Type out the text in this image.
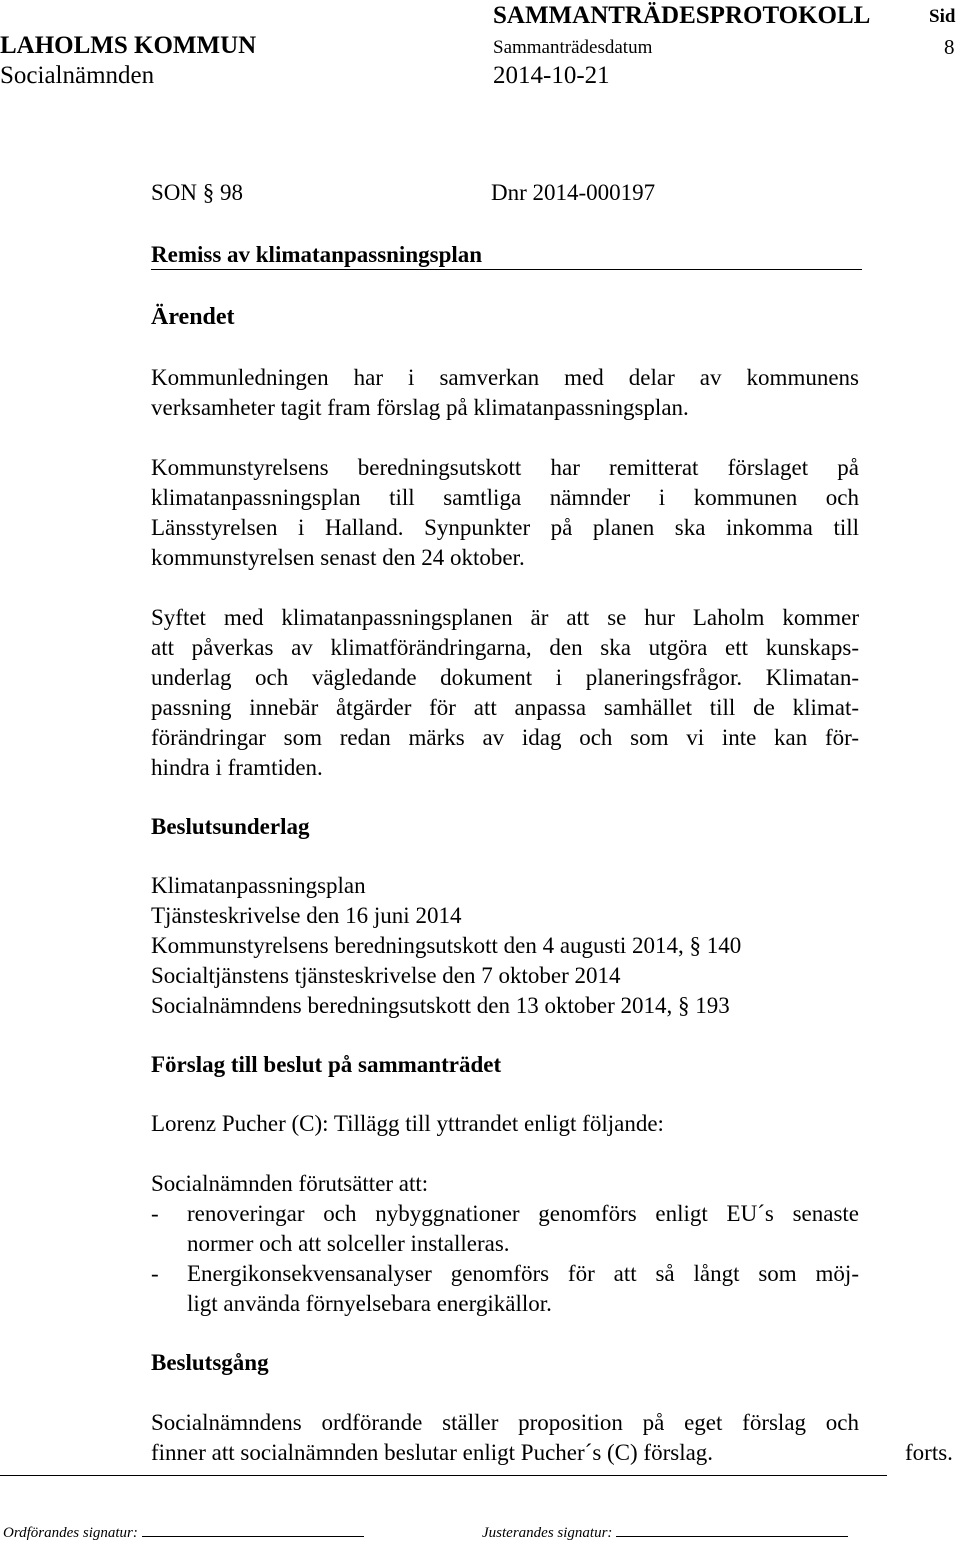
SAMMANTRÄDESPROTOKOLL	Sid
LAHOLMS KOMMUN	Sammanträdesdatum	8
Socialnämnden	2014-10-21
SON § 98	Dnr 2014-000197
Remiss av klimatanpassningsplan
Ärendet
Kommunledningen har i samverkan med delar av kommunens
verksamheter tagit fram förslag på klimatanpassningsplan.
Kommunstyrelsens beredningsutskott har remitterat förslaget på
klimatanpassningsplan till samtliga nämnder i kommunen och
Länsstyrelsen i Halland. Synpunkter på planen ska inkomma till
kommunstyrelsen senast den 24 oktober.
Syftet med klimatanpassningsplanen är att se hur Laholm kommer
att påverkas av klimatförändringarna, den ska utgöra ett kunskaps-
underlag och vägledande dokument i planeringsfrågor. Klimatan-
passning innebär åtgärder för att anpassa samhället till de klimat-
förändringar som redan märks av idag och som vi inte kan för-
hindra i framtiden.
Beslutsunderlag
Klimatanpassningsplan
Tjänsteskrivelse den 16 juni 2014
Kommunstyrelsens beredningsutskott den 4 augusti 2014, § 140
Socialtjänstens tjänsteskrivelse den 7 oktober 2014
Socialnämndens beredningsutskott den 13 oktober 2014, § 193
Förslag till beslut på sammanträdet
Lorenz Pucher (C): Tillägg till yttrandet enligt följande:
Socialnämnden förutsätter att:
- renoveringar och nybyggnationer genomförs enligt EU´s senaste
normer och att solceller installeras.
- Energikonsekvensanalyser genomförs för att så långt som möj-
ligt använda förnyelsebara energikällor.
Beslutsgång
Socialnämndens ordförande ställer proposition på eget förslag och
finner att socialnämnden beslutar enligt Pucher´s (C) förslag.	forts.
Ordförandes signatur:	Justerandes signatur:
